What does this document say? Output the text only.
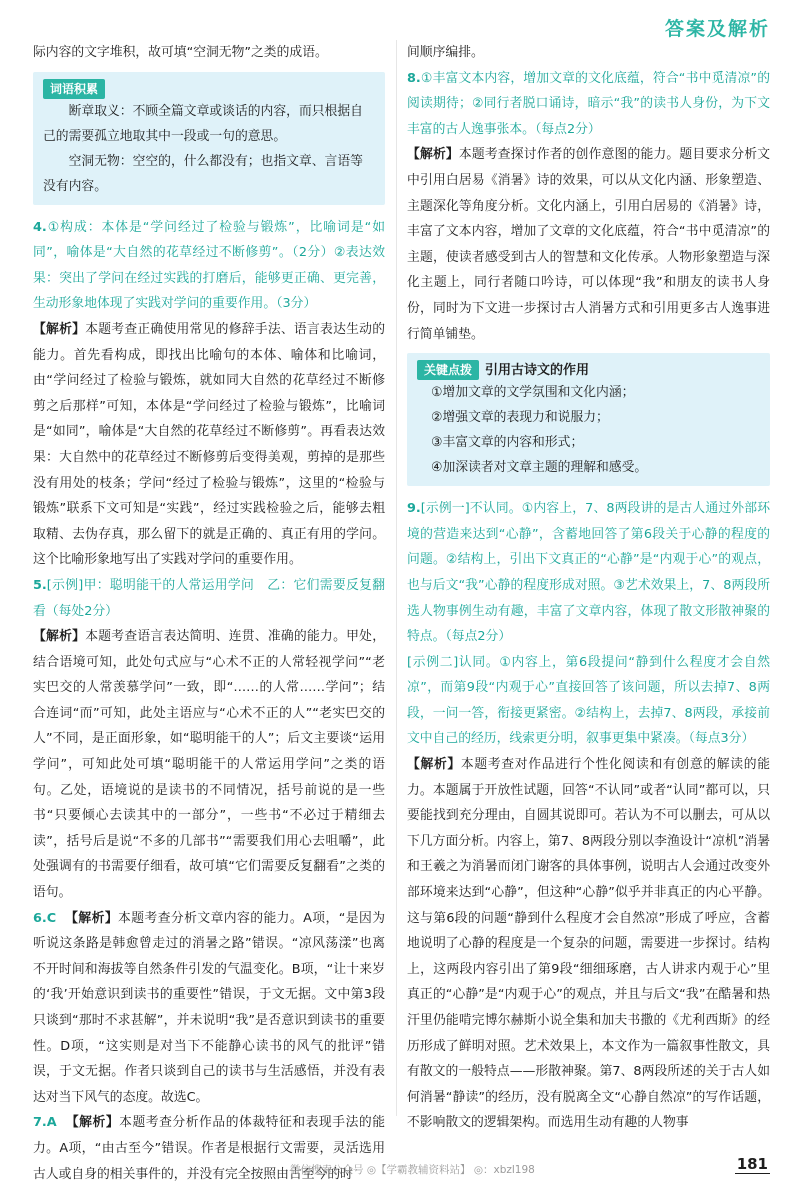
答案及解析

际内容的文字堆积，故可填“空洞无物”之类的成语。

词语积累

断章取义：不顾全篇文章或谈话的内容，而只根据自己的需要孤立地取其中一段或一句的意思。

空洞无物：空空的，什么都没有；也指文章、言语等没有内容。

4.①构成：本体是“学问经过了检验与锻炼”，比喻词是“如同”，喻体是“大自然的花草经过不断修剪”。（2分）②表达效果：突出了学问在经过实践的打磨后，能够更正确、更完善，生动形象地体现了实践对学问的重要作用。（3分）

【解析】本题考查正确使用常见的修辞手法、语言表达生动的能力。首先看构成，即找出比喻句的本体、喻体和比喻词，由“学问经过了检验与锻炼，就如同大自然的花草经过不断修剪之后那样”可知，本体是“学问经过了检验与锻炼”，比喻词是“如同”，喻体是“大自然的花草经过不断修剪”。再看表达效果：大自然中的花草经过不断修剪后变得美观，剪掉的是那些没有用处的枝条；学问“经过了检验与锻炼”，这里的“检验与锻炼”联系下文可知是“实践”，经过实践检验之后，能够去粗取精、去伪存真，那么留下的就是正确的、真正有用的学问。这个比喻形象地写出了实践对学问的重要作用。

5.[示例]甲：聪明能干的人常运用学问　乙：它们需要反复翻看（每处2分）

【解析】本题考查语言表达简明、连贯、准确的能力。甲处，结合语境可知，此处句式应与“心术不正的人常轻视学问”“老实巴交的人常羡慕学问”一致，即“……的人常……学问”；结合连词“而”可知，此处主语应与“心术不正的人”“老实巴交的人”不同，是正面形象，如“聪明能干的人”；后文主要谈“运用学问”，可知此处可填“聪明能干的人常运用学问”之类的语句。乙处，语境说的是读书的不同情况，括号前说的是一些书“只要倾心去读其中的一部分”，一些书“不必过于精细去读”，括号后是说“不多的几部书”“需要我们用心去咀嚼”，此处强调有的书需要仔细看，故可填“它们需要反复翻看”之类的语句。

6.C 【解析】本题考查分析文章内容的能力。A项，“是因为听说这条路是韩愈曾走过的消暑之路”错误。“凉风荡漾”也离不开时间和海拔等自然条件引发的气温变化。B项，“让十来岁的‘我’开始意识到读书的重要性”错误，于文无据。文中第3段只谈到“那时不求甚解”，并未说明“我”是否意识到读书的重要性。D项，“这实则是对当下不能静心读书的风气的批评”错误，于文无据。作者只谈到自己的读书与生活感悟，并没有表达对当下风气的态度。故选C。

7.A 【解析】本题考查分析作品的体裁特征和表现手法的能力。A项，“由古至今”错误。作者是根据行文需要，灵活选用古人或自身的相关事件的，并没有完全按照由古至今的时

间顺序编排。

8.①丰富文本内容，增加文章的文化底蕴，符合“书中觅清凉”的阅读期待；②同行者脱口诵诗，暗示“我”的读书人身份，为下文丰富的古人逸事张本。（每点2分）

【解析】本题考查探讨作者的创作意图的能力。题目要求分析文中引用白居易《消暑》诗的效果，可以从文化内涵、形象塑造、主题深化等角度分析。文化内涵上，引用白居易的《消暑》诗，丰富了文本内容，增加了文章的文化底蕴，符合“书中觅清凉”的主题，使读者感受到古人的智慧和文化传承。人物形象塑造与深化主题上，同行者随口吟诗，可以体现“我”和朋友的读书人身份，同时为下文进一步探讨古人消暑方式和引用更多古人逸事进行简单铺垫。

关键点拨 引用古诗文的作用

①增加文章的文学氛围和文化内涵；

②增强文章的表现力和说服力；

③丰富文章的内容和形式；

④加深读者对文章主题的理解和感受。

9.[示例一]不认同。①内容上，7、8两段讲的是古人通过外部环境的营造来达到“心静”，含蓄地回答了第6段关于心静的程度的问题。②结构上，引出下文真正的“心静”是“内观于心”的观点，也与后文“我”心静的程度形成对照。③艺术效果上，7、8两段所选人物事例生动有趣，丰富了文章内容，体现了散文形散神聚的特点。（每点2分）

[示例二]认同。①内容上，第6段提问“静到什么程度才会自然凉”，而第9段“内观于心”直接回答了该问题，所以去掉7、8两段，一问一答，衔接更紧密。②结构上，去掉7、8两段，承接前文中自己的经历，线索更分明，叙事更集中紧凑。（每点3分）

【解析】本题考查对作品进行个性化阅读和有创意的解读的能力。本题属于开放性试题，回答“不认同”或者“认同”都可以，只要能找到充分理由，自圆其说即可。若认为不可以删去，可从以下几方面分析。内容上，第7、8两段分别以李渔设计“凉机”消暑和王羲之为消暑而闭门谢客的具体事例，说明古人会通过改变外部环境来达到“心静”，但这种“心静”似乎并非真正的内心平静。这与第6段的问题“静到什么程度才会自然凉”形成了呼应，含蓄地说明了心静的程度是一个复杂的问题，需要进一步探讨。结构上，这两段内容引出了第9段“细细琢磨，古人讲求内观于心”里真正的“心静”是“内观于心”的观点，并且与后文“我”在酷暑和热汗里仍能啃完博尔赫斯小说全集和加夫书撒的《尤利西斯》的经历形成了鲜明对照。艺术效果上，本文作为一篇叙事性散文，具有散文的一般特点——形散神聚。第7、8两段所述的关于古人如何消暑“静读”的经历，没有脱离全文“心静自然凉”的写作话题，不影响散文的逻辑架构。而选用生动有趣的人物事

微信搜索公众号 ◎【学霸教辅资料站】 ◎：xbzl198	181
